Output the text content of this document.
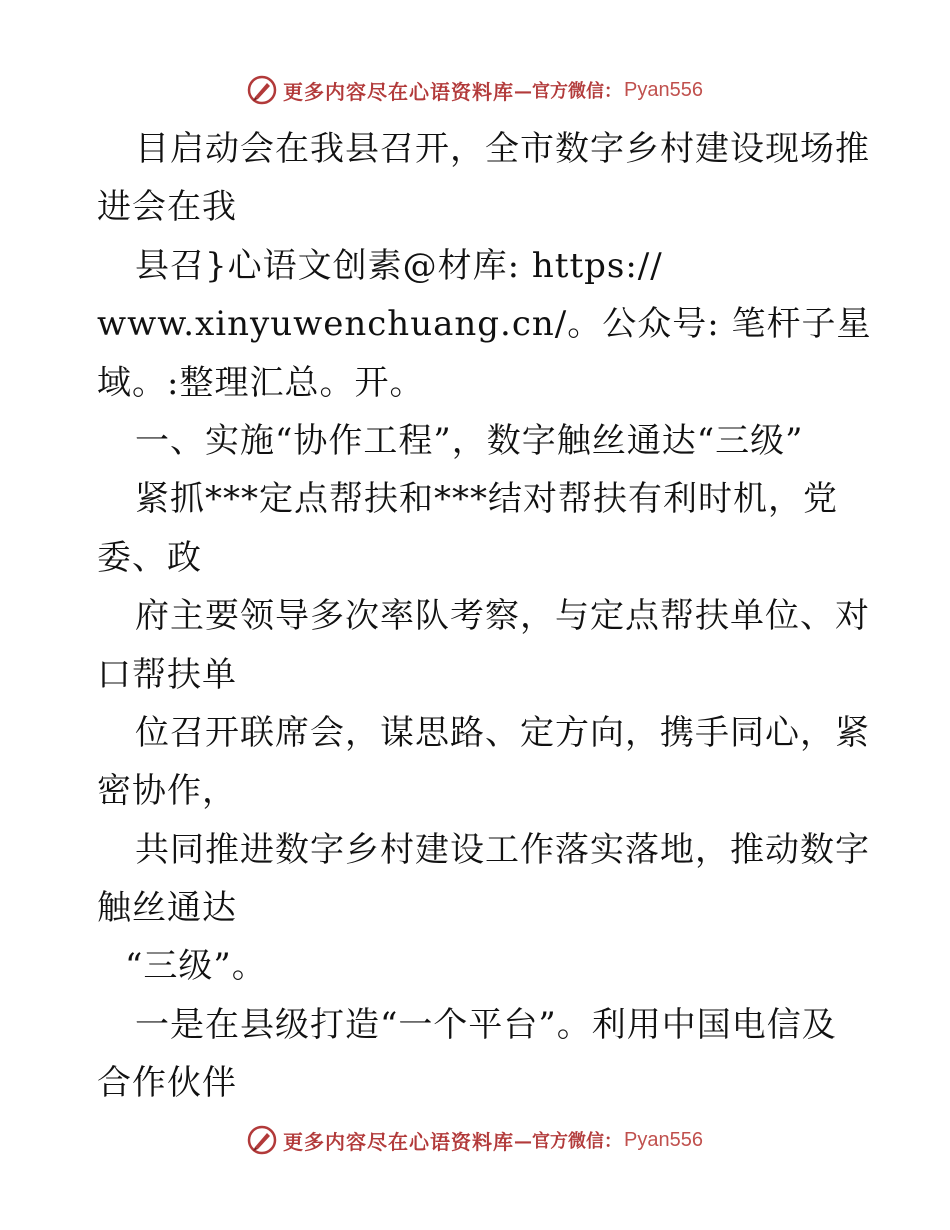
更多内容尽在心语资料库 —官方微信： Pyan556
目启动会在我县召开，全市数字乡村建设现场推
进会在我
县召}心语文创素@材库: https://
www.xinyuwenchuang.cn/。公众号: 笔杆子星
域。:整理汇总。开。
一、实施“协作工程”，数字触丝通达“三级”
紧抓***定点帮扶和***结对帮扶有利时机，党
委、政
府主要领导多次率队考察，与定点帮扶单位、对
口帮扶单
位召开联席会，谋思路、定方向，携手同心，紧
密协作，
共同推进数字乡村建设工作落实落地，推动数字
触丝通达
“三级”。
一是在县级打造“一个平台”。利用中国电信及
合作伙伴
更多内容尽在心语资料库 —官方微信： Pyan556
